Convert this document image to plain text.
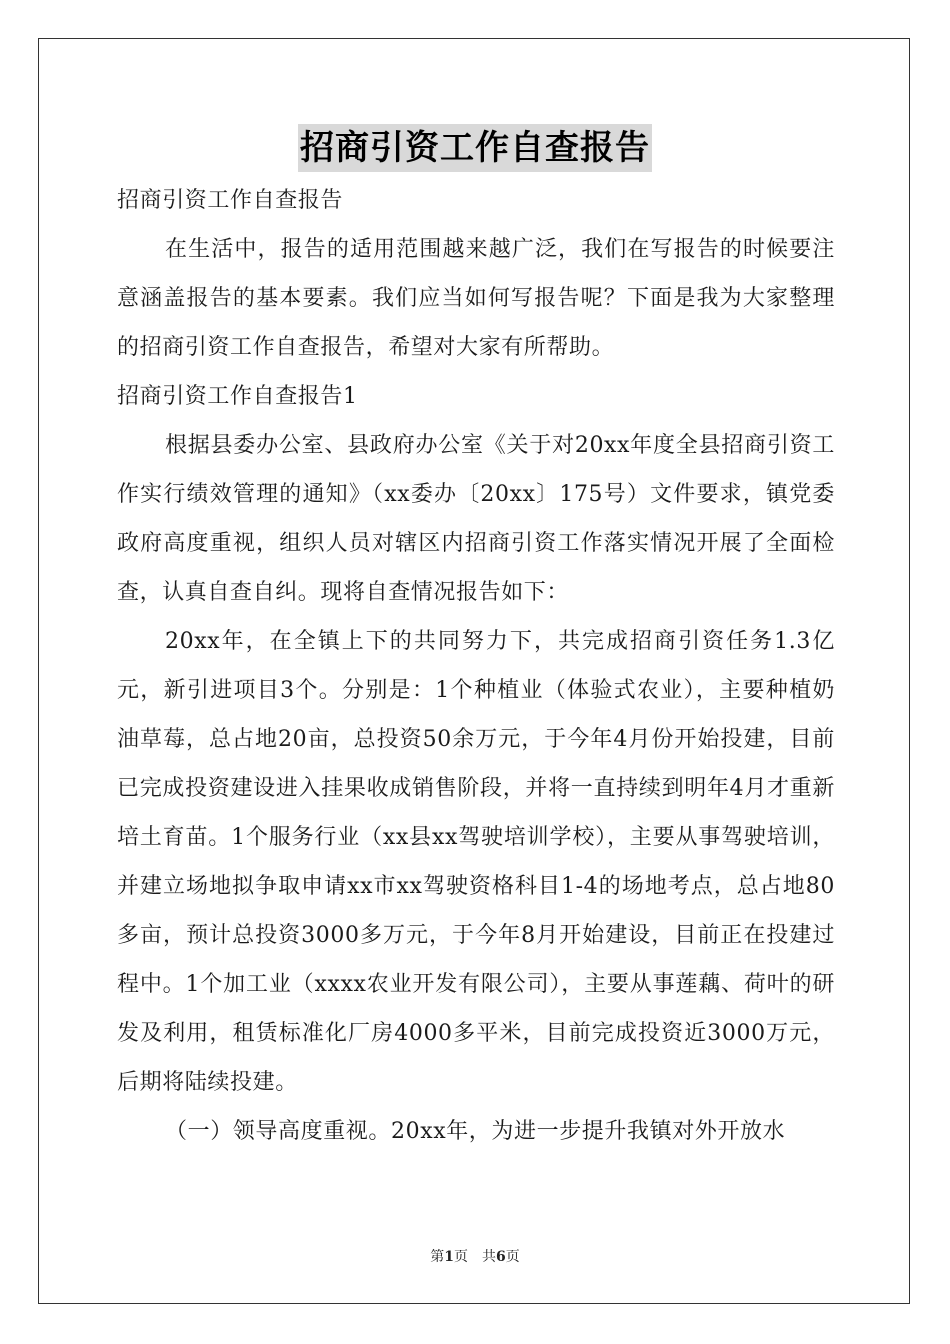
招商引资工作自查报告

招商引资工作自查报告

在生活中，报告的适用范围越来越广泛，我们在写报告的时候要注意涵盖报告的基本要素。我们应当如何写报告呢？下面是我为大家整理的招商引资工作自查报告，希望对大家有所帮助。

招商引资工作自查报告1

根据县委办公室、县政府办公室《关于对20xx年度全县招商引资工作实行绩效管理的通知》（xx委办〔20xx〕175号）文件要求，镇党委政府高度重视，组织人员对辖区内招商引资工作落实情况开展了全面检查，认真自查自纠。现将自查情况报告如下：

20xx年，在全镇上下的共同努力下，共完成招商引资任务1.3亿元，新引进项目3个。分别是：1个种植业（体验式农业），主要种植奶油草莓，总占地20亩，总投资50余万元，于今年4月份开始投建，目前已完成投资建设进入挂果收成销售阶段，并将一直持续到明年4月才重新培土育苗。1个服务行业（xx县xx驾驶培训学校），主要从事驾驶培训，并建立场地拟争取申请xx市xx驾驶资格科目1-4的场地考点，总占地80多亩，预计总投资3000多万元，于今年8月开始建设，目前正在投建过程中。1个加工业（xxxx农业开发有限公司），主要从事莲藕、荷叶的研发及利用，租赁标准化厂房4000多平米，目前完成投资近3000万元，后期将陆续投建。

（一）领导高度重视。20xx年，为进一步提升我镇对外开放水

第1页　共6页
